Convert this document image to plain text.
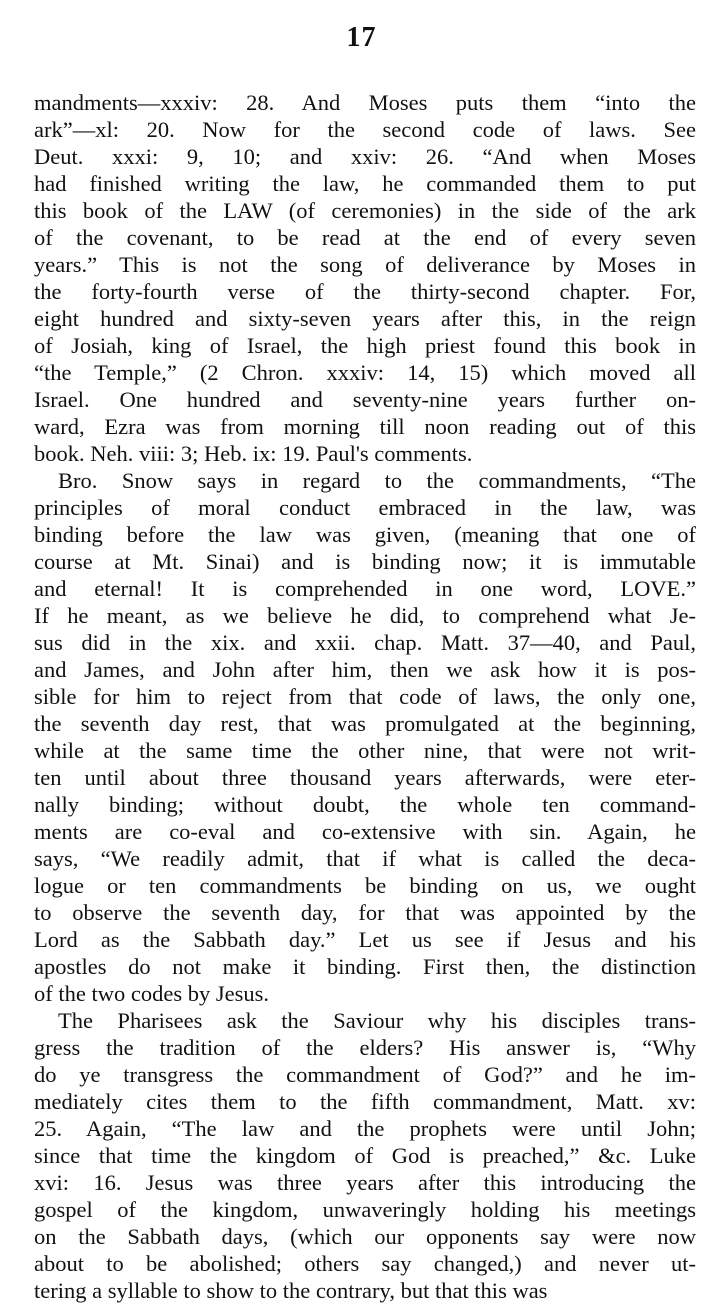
17
mandments—xxxiv: 28. And Moses puts them “into the
ark”—xl: 20. Now for the second code of laws. See
Deut. xxxi: 9, 10; and xxiv: 26. “And when Moses
had finished writing the law, he commanded them to put
this book of the LAW (of ceremonies) in the side of the ark
of the covenant, to be read at the end of every seven
years.” This is not the song of deliverance by Moses in
the forty-fourth verse of the thirty-second chapter. For,
eight hundred and sixty-seven years after this, in the reign
of Josiah, king of Israel, the high priest found this book in
“the Temple,” (2 Chron. xxxiv: 14, 15) which moved all
Israel. One hundred and seventy-nine years further on-
ward, Ezra was from morning till noon reading out of this
book. Neh. viii: 3; Heb. ix: 19. Paul's comments.
Bro. Snow says in regard to the commandments, “The
principles of moral conduct embraced in the law, was
binding before the law was given, (meaning that one of
course at Mt. Sinai) and is binding now; it is immutable
and eternal! It is comprehended in one word, LOVE.”
If he meant, as we believe he did, to comprehend what Je-
sus did in the xix. and xxii. chap. Matt. 37—40, and Paul,
and James, and John after him, then we ask how it is pos-
sible for him to reject from that code of laws, the only one,
the seventh day rest, that was promulgated at the beginning,
while at the same time the other nine, that were not writ-
ten until about three thousand years afterwards, were eter-
nally binding; without doubt, the whole ten command-
ments are co-eval and co-extensive with sin. Again, he
says, “We readily admit, that if what is called the deca-
logue or ten commandments be binding on us, we ought
to observe the seventh day, for that was appointed by the
Lord as the Sabbath day.” Let us see if Jesus and his
apostles do not make it binding. First then, the distinction
of the two codes by Jesus.
The Pharisees ask the Saviour why his disciples trans-
gress the tradition of the elders? His answer is, “Why
do ye transgress the commandment of God?” and he im-
mediately cites them to the fifth commandment, Matt. xv:
25. Again, “The law and the prophets were until John;
since that time the kingdom of God is preached,” &c. Luke
xvi: 16. Jesus was three years after this introducing the
gospel of the kingdom, unwaveringly holding his meetings
on the Sabbath days, (which our opponents say were now
about to be abolished; others say changed,) and never ut-
tering a syllable to show to the contrary, but that this was
